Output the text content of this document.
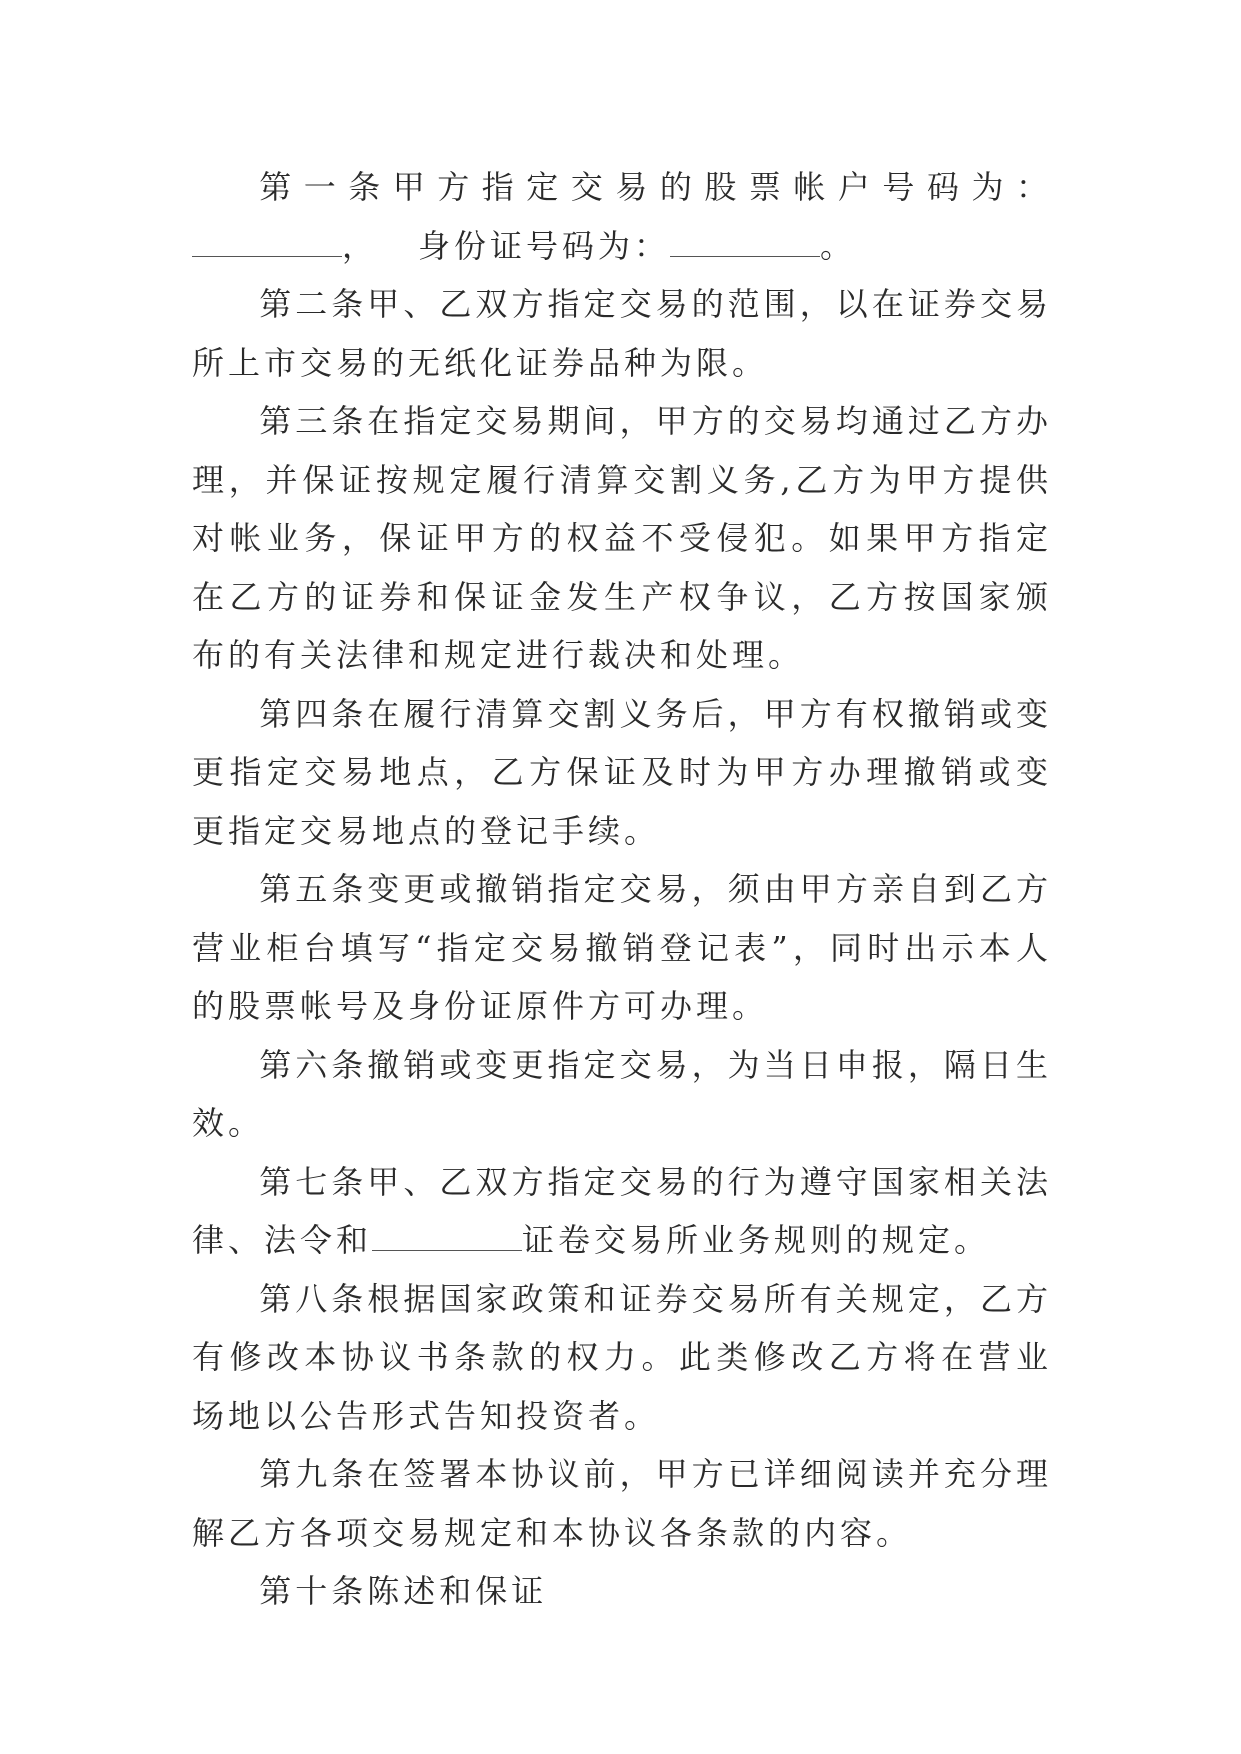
第一条甲方指定交易的股票帐户号码为：， 身份证号码为：	。

第二条甲、乙双方指定交易的范围，以在证券交易所上市交易的无纸化证券品种为限。

第三条在指定交易期间，甲方的交易均通过乙方办理，并保证按规定履行清算交割义务,乙方为甲方提供对帐业务，保证甲方的权益不受侵犯。如果甲方指定在乙方的证券和保证金发生产权争议，乙方按国家颁布的有关法律和规定进行裁决和处理。

第四条在履行清算交割义务后，甲方有权撤销或变更指定交易地点，乙方保证及时为甲方办理撤销或变更指定交易地点的登记手续。

第五条变更或撤销指定交易，须由甲方亲自到乙方营业柜台填写“指定交易撤销登记表”，同时出示本人的股票帐号及身份证原件方可办理。

第六条撤销或变更指定交易，为当日申报，隔日生效。

第七条甲、乙双方指定交易的行为遵守国家相关法律、法令和	证卷交易所业务规则的规定。

第八条根据国家政策和证券交易所有关规定，乙方有修改本协议书条款的权力。此类修改乙方将在营业场地以公告形式告知投资者。

第九条在签署本协议前，甲方已详细阅读并充分理解乙方各项交易规定和本协议各条款的内容。

第十条陈述和保证
